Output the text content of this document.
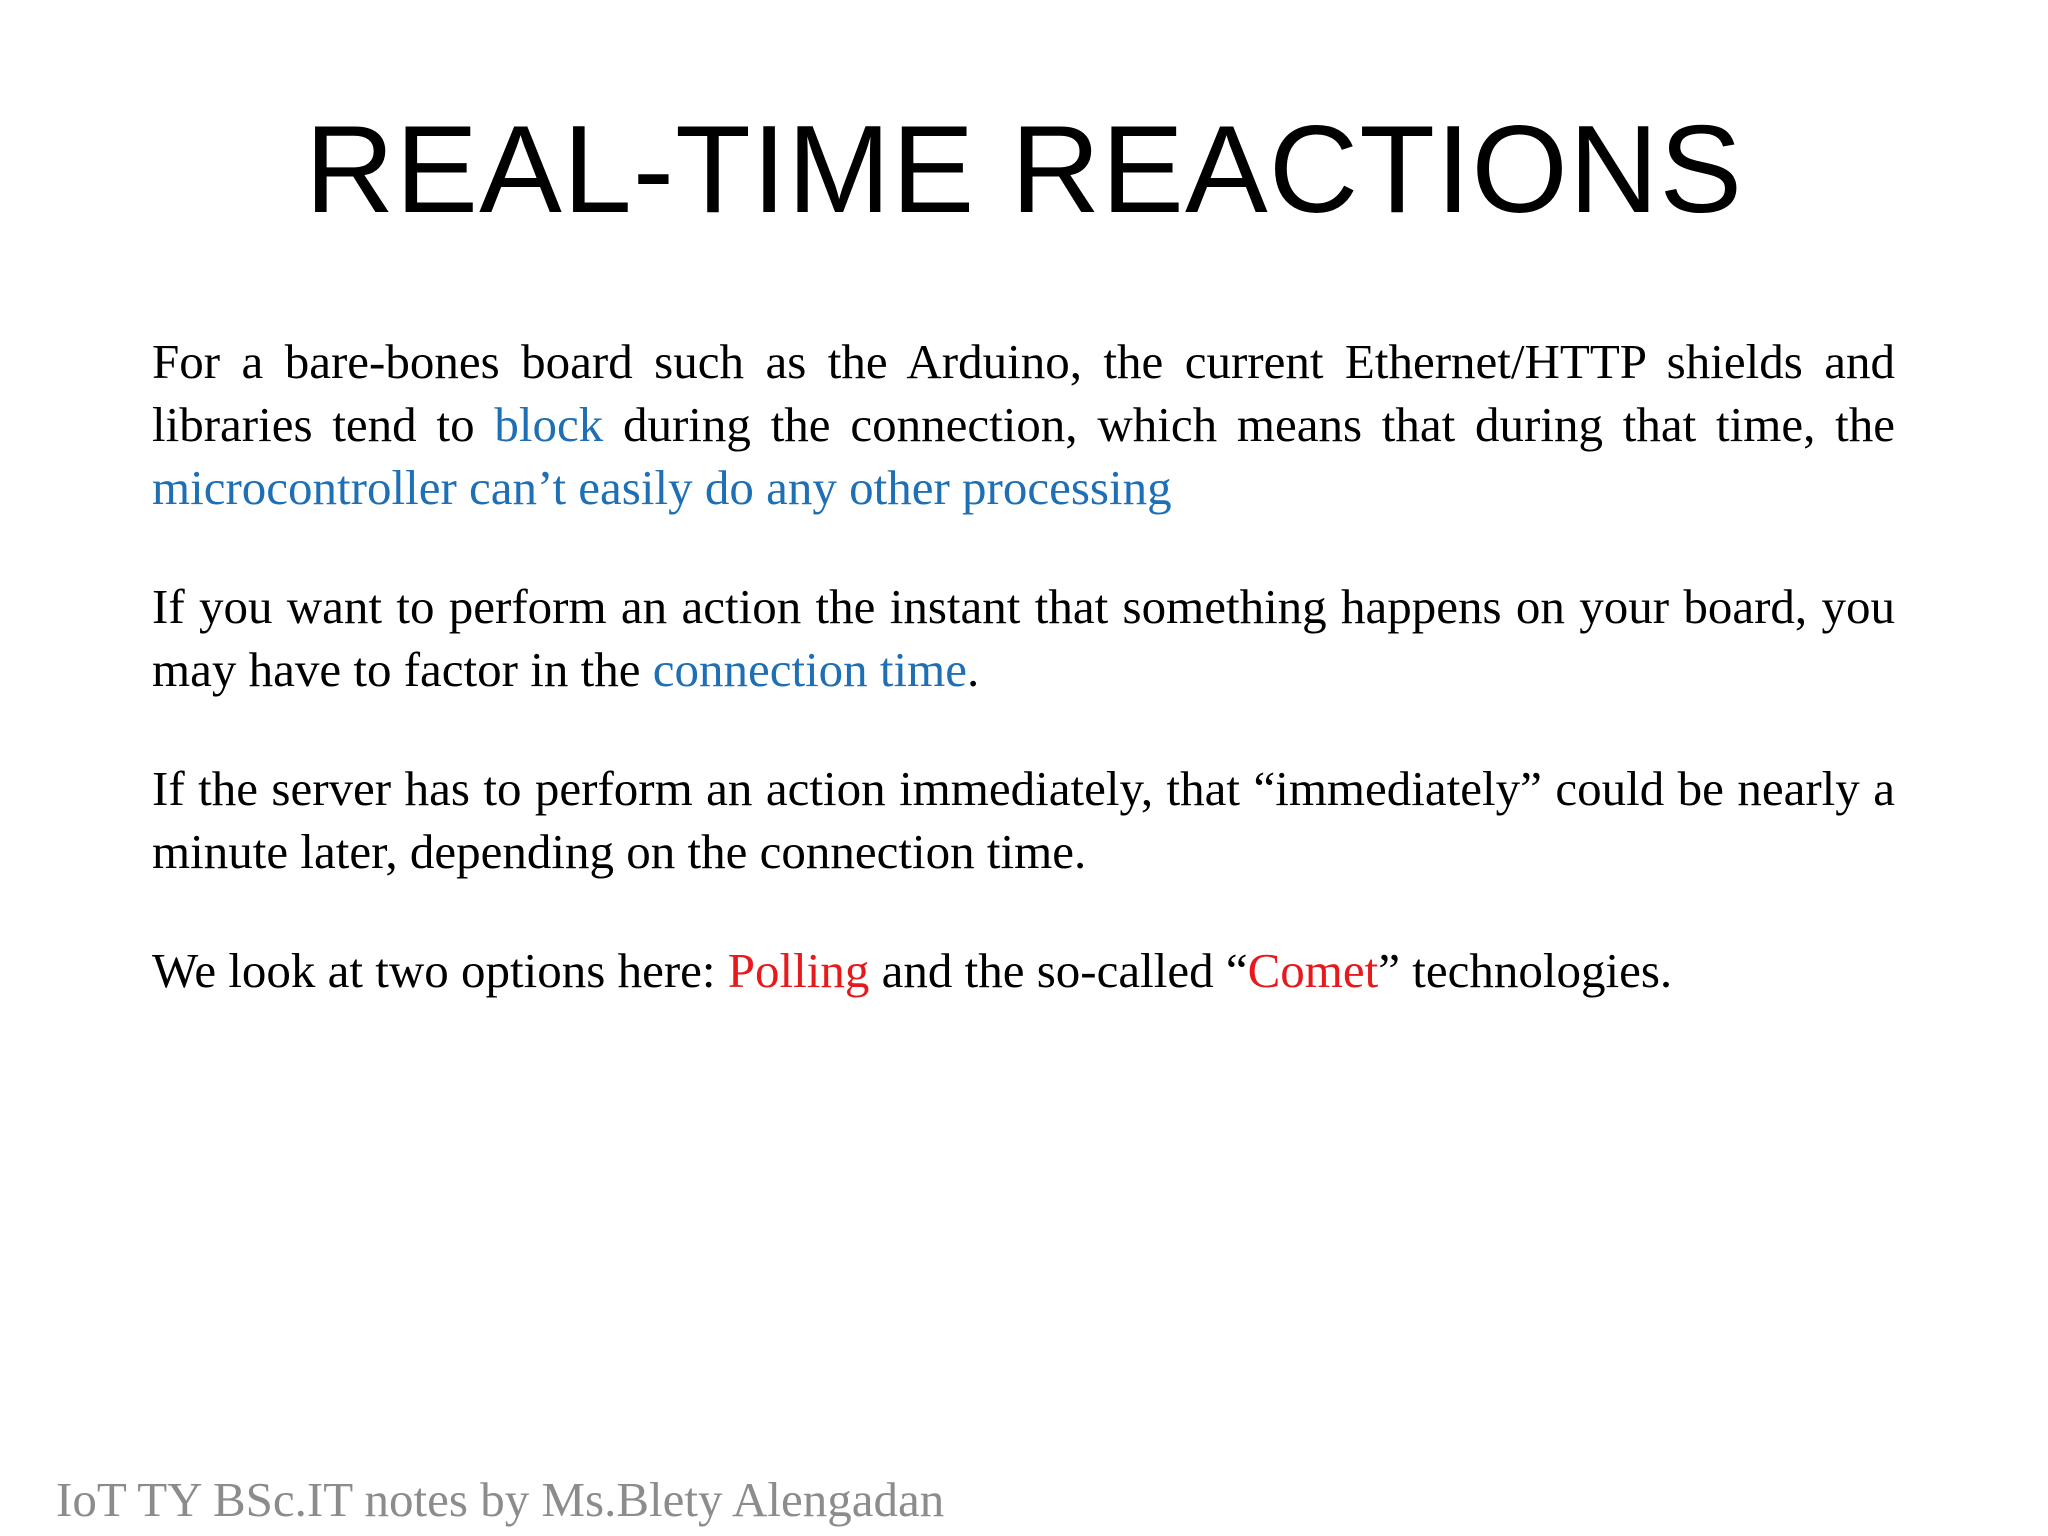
REAL-TIME REACTIONS

For a bare-bones board such as the Arduino, the current Ethernet/HTTP shields and libraries tend to block during the connection, which means that during that time, the microcontroller can’t easily do any other processing

If you want to perform an action the instant that something happens on your board, you may have to factor in the connection time.

If the server has to perform an action immediately, that “immediately” could be nearly a minute later, depending on the connection time.

We look at two options here: Polling and the so-called “Comet” technologies.

IoT TY BSc.IT notes by Ms.Blety Alengadan
